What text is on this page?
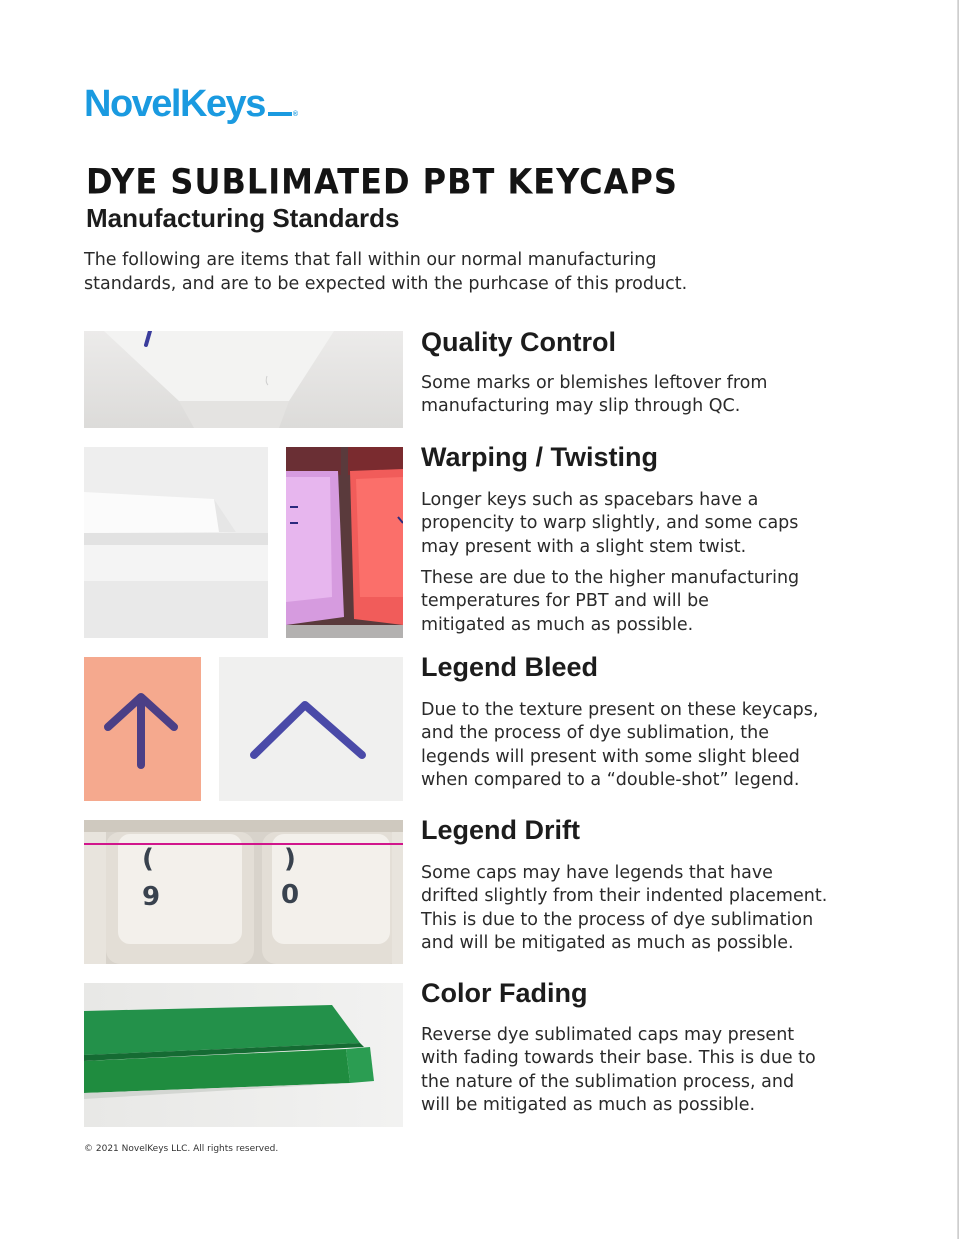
NovelKeys	®
DYE SUBLIMATED PBT KEYCAPS
Manufacturing Standards
The following are items that fall within our normal manufacturing
standards, and are to be expected with the purhcase of this product.
Quality Control
Some marks or blemishes leftover from
manufacturing may slip through QC.
Warping / Twisting
Longer keys such as spacebars have a
propencity to warp slightly, and some caps
may present with a slight stem twist.
These are due to the higher manufacturing
temperatures for PBT and will be
mitigated as much as possible.
Legend Bleed
Due to the texture present on these keycaps,
and the process of dye sublimation, the
legends will present with some slight bleed
when compared to a “double-shot” legend.
(
9
)
0
Legend Drift
Some caps may have legends that have
drifted slightly from their indented placement.
This is due to the process of dye sublimation
and will be mitigated as much as possible.
Color Fading
Reverse dye sublimated caps may present
with fading towards their base. This is due to
the nature of the sublimation process, and
will be mitigated as much as possible.
© 2021 NovelKeys LLC. All rights reserved.
